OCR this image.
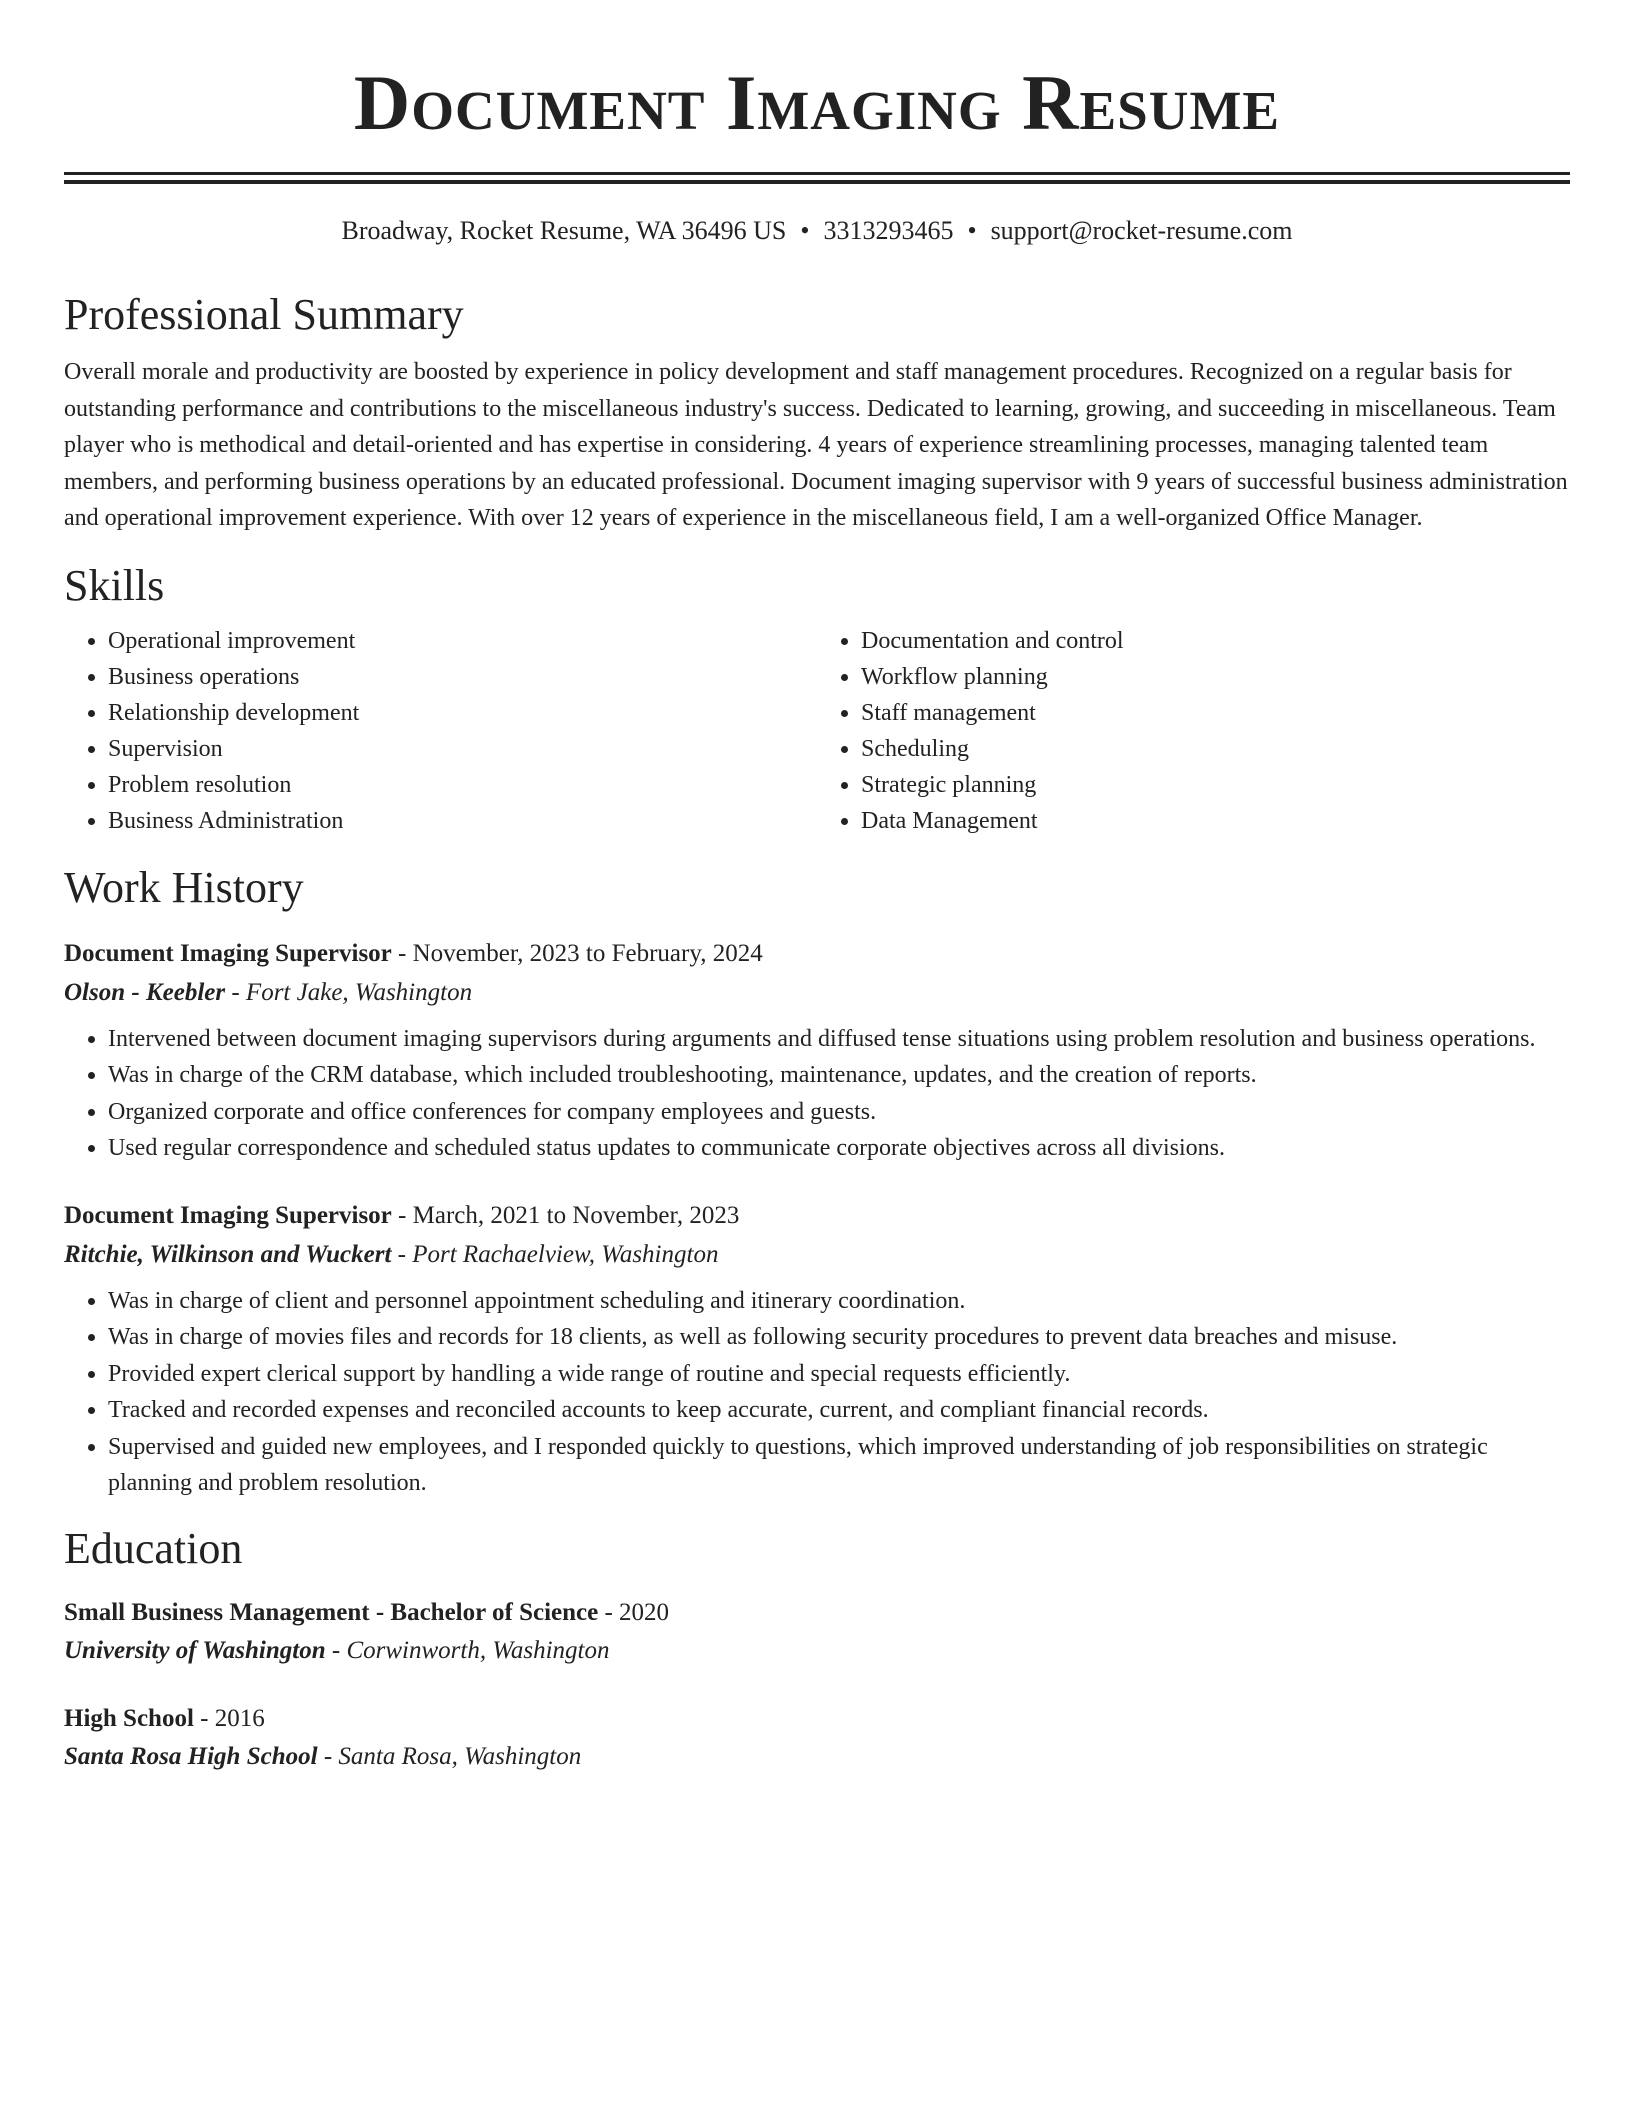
Document Imaging Resume
Broadway, Rocket Resume, WA 36496 US • 3313293465 • support@rocket-resume.com
Professional Summary

Overall morale and productivity are boosted by experience in policy development and staff management procedures. Recognized on a regular basis for outstanding performance and contributions to the miscellaneous industry's success. Dedicated to learning, growing, and succeeding in miscellaneous. Team player who is methodical and detail-oriented and has expertise in considering. 4 years of experience streamlining processes, managing talented team members, and performing business operations by an educated professional. Document imaging supervisor with 9 years of successful business administration and operational improvement experience. With over 12 years of experience in the miscellaneous field, I am a well-organized Office Manager.

Skills
• Operational improvement
• Business operations
• Relationship development
• Supervision
• Problem resolution
• Business Administration
• Documentation and control
• Workflow planning
• Staff management
• Scheduling
• Strategic planning
• Data Management
Work History
Document Imaging Supervisor - November, 2023 to February, 2024
Olson - Keebler - Fort Jake, Washington
• Intervened between document imaging supervisors during arguments and diffused tense situations using problem resolution and business operations.
• Was in charge of the CRM database, which included troubleshooting, maintenance, updates, and the creation of reports.
• Organized corporate and office conferences for company employees and guests.
• Used regular correspondence and scheduled status updates to communicate corporate objectives across all divisions.
Document Imaging Supervisor - March, 2021 to November, 2023
Ritchie, Wilkinson and Wuckert - Port Rachaelview, Washington
• Was in charge of client and personnel appointment scheduling and itinerary coordination.
• Was in charge of movies files and records for 18 clients, as well as following security procedures to prevent data breaches and misuse.
• Provided expert clerical support by handling a wide range of routine and special requests efficiently.
• Tracked and recorded expenses and reconciled accounts to keep accurate, current, and compliant financial records.
• Supervised and guided new employees, and I responded quickly to questions, which improved understanding of job responsibilities on strategic planning and problem resolution.
Education
Small Business Management - Bachelor of Science - 2020
University of Washington - Corwinworth, Washington
High School - 2016
Santa Rosa High School - Santa Rosa, Washington
